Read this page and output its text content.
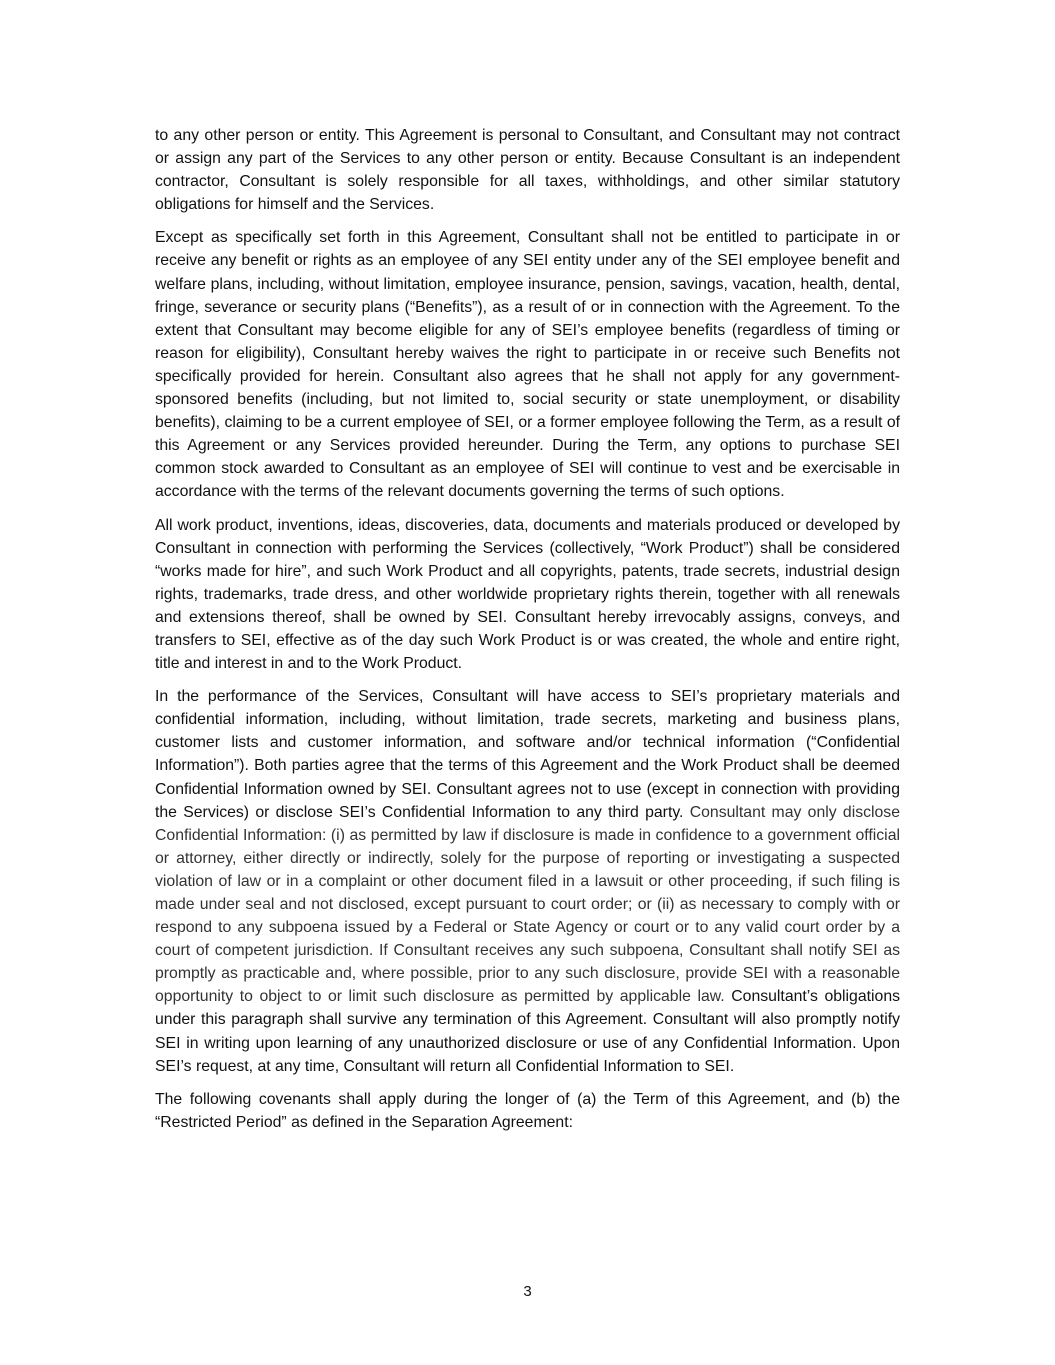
to any other person or entity. This Agreement is personal to Consultant, and Consultant may not contract or assign any part of the Services to any other person or entity. Because Consultant is an independent contractor, Consultant is solely responsible for all taxes, withholdings, and other similar statutory obligations for himself and the Services.

Except as specifically set forth in this Agreement, Consultant shall not be entitled to participate in or receive any benefit or rights as an employee of any SEI entity under any of the SEI employee benefit and welfare plans, including, without limitation, employee insurance, pension, savings, vacation, health, dental, fringe, severance or security plans (“Benefits”), as a result of or in connection with the Agreement. To the extent that Consultant may become eligible for any of SEI’s employee benefits (regardless of timing or reason for eligibility), Consultant hereby waives the right to participate in or receive such Benefits not specifically provided for herein. Consultant also agrees that he shall not apply for any government-sponsored benefits (including, but not limited to, social security or state unemployment, or disability benefits), claiming to be a current employee of SEI, or a former employee following the Term, as a result of this Agreement or any Services provided hereunder. During the Term, any options to purchase SEI common stock awarded to Consultant as an employee of SEI will continue to vest and be exercisable in accordance with the terms of the relevant documents governing the terms of such options.

All work product, inventions, ideas, discoveries, data, documents and materials produced or developed by Consultant in connection with performing the Services (collectively, “Work Product”) shall be considered “works made for hire”, and such Work Product and all copyrights, patents, trade secrets, industrial design rights, trademarks, trade dress, and other worldwide proprietary rights therein, together with all renewals and extensions thereof, shall be owned by SEI. Consultant hereby irrevocably assigns, conveys, and transfers to SEI, effective as of the day such Work Product is or was created, the whole and entire right, title and interest in and to the Work Product.

In the performance of the Services, Consultant will have access to SEI’s proprietary materials and confidential information, including, without limitation, trade secrets, marketing and business plans, customer lists and customer information, and software and/or technical information (“Confidential Information”). Both parties agree that the terms of this Agreement and the Work Product shall be deemed Confidential Information owned by SEI. Consultant agrees not to use (except in connection with providing the Services) or disclose SEI’s Confidential Information to any third party. Consultant may only disclose Confidential Information: (i) as permitted by law if disclosure is made in confidence to a government official or attorney, either directly or indirectly, solely for the purpose of reporting or investigating a suspected violation of law or in a complaint or other document filed in a lawsuit or other proceeding, if such filing is made under seal and not disclosed, except pursuant to court order; or (ii) as necessary to comply with or respond to any subpoena issued by a Federal or State Agency or court or to any valid court order by a court of competent jurisdiction. If Consultant receives any such subpoena, Consultant shall notify SEI as promptly as practicable and, where possible, prior to any such disclosure, provide SEI with a reasonable opportunity to object to or limit such disclosure as permitted by applicable law. Consultant’s obligations under this paragraph shall survive any termination of this Agreement. Consultant will also promptly notify SEI in writing upon learning of any unauthorized disclosure or use of any Confidential Information. Upon SEI’s request, at any time, Consultant will return all Confidential Information to SEI.

The following covenants shall apply during the longer of (a) the Term of this Agreement, and (b) the “Restricted Period” as defined in the Separation Agreement:

3
